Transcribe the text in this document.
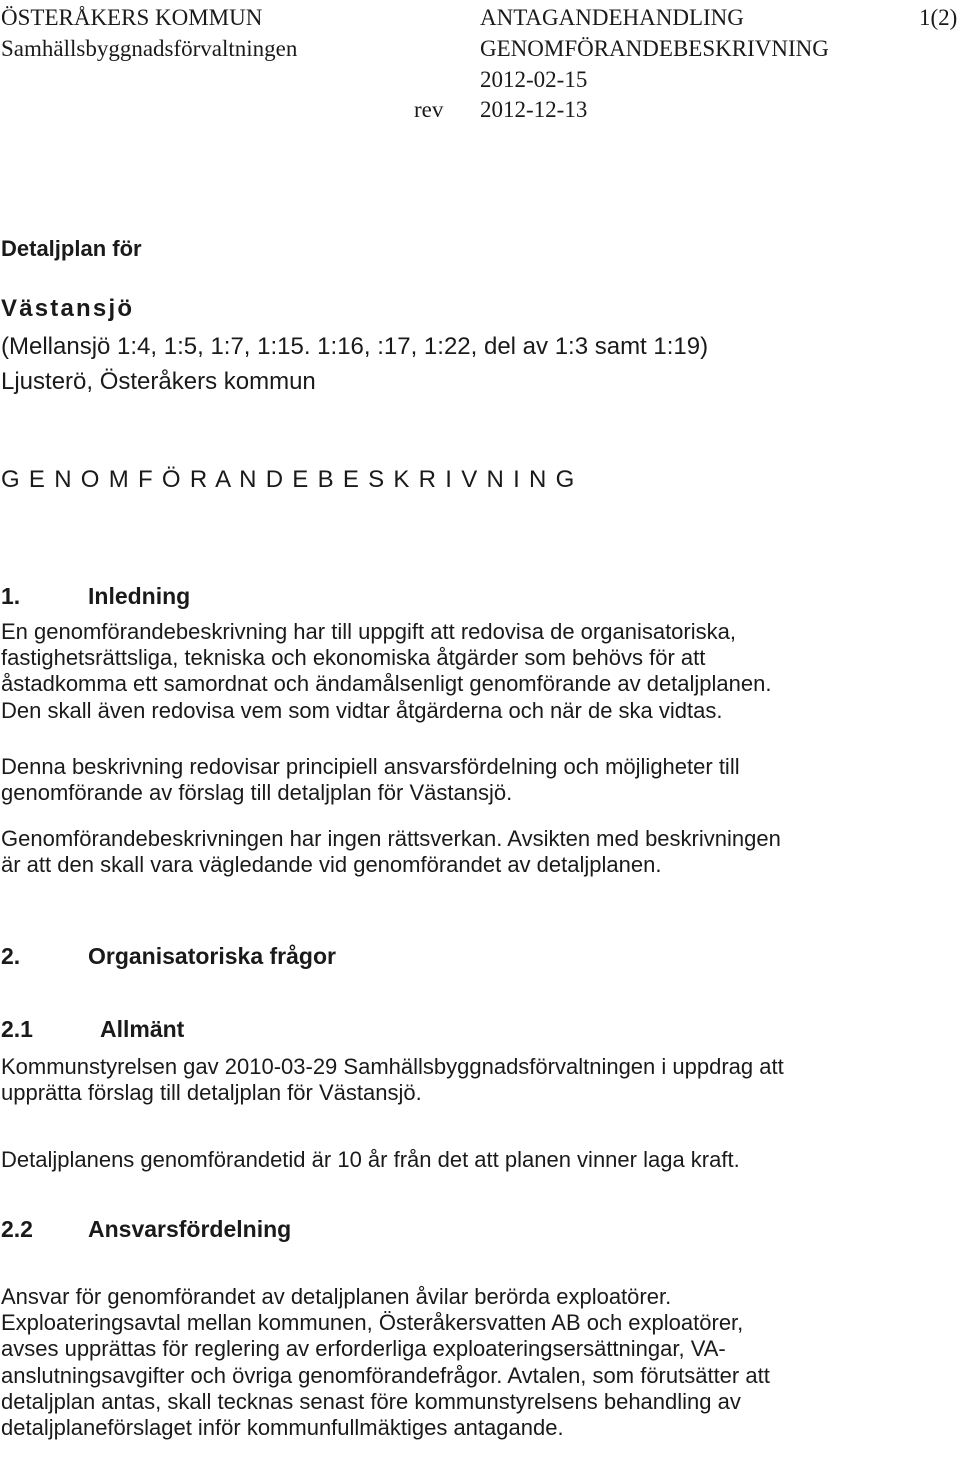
ÖSTERÅKERS KOMMUN
Samhällsbyggnadsförvaltningen
ANTAGANDEHANDLING
GENOMFÖRANDEBESKRIVNING
2012-02-15
rev 2012-12-13
1(2)
Detaljplan för
Västansjö
(Mellansjö 1:4, 1:5, 1:7, 1:15. 1:16, :17, 1:22, del av 1:3 samt 1:19)
Ljusterö, Österåkers kommun
G E N O M F Ö R A N D E B E S K R I V N I N G
1.	Inledning
En genomförandebeskrivning har till uppgift att redovisa de organisatoriska,
fastighetsrättsliga, tekniska och ekonomiska åtgärder som behövs för att
åstadkomma ett samordnat och ändamålsenligt genomförande av detaljplanen.
Den skall även redovisa vem som vidtar åtgärderna och när de ska vidtas.
Denna beskrivning redovisar principiell ansvarsfördelning och möjligheter till
genomförande av förslag till detaljplan för Västansjö.
Genomförandebeskrivningen har ingen rättsverkan. Avsikten med beskrivningen
är att den skall vara vägledande vid genomförandet av detaljplanen.
2.	Organisatoriska frågor
2.1	Allmänt
Kommunstyrelsen gav 2010-03-29 Samhällsbyggnadsförvaltningen i uppdrag att
upprätta förslag till detaljplan för Västansjö.
Detaljplanens genomförandetid är 10 år från det att planen vinner laga kraft.
2.2 Ansvarsfördelning
Ansvar för genomförandet av detaljplanen åvilar berörda exploatörer.
Exploateringsavtal mellan kommunen, Österåkersvatten AB och exploatörer,
avses upprättas för reglering av erforderliga exploateringsersättningar, VA-
anslutningsavgifter och övriga genomförandefrågor. Avtalen, som förutsätter att
detaljplan antas, skall tecknas senast före kommunstyrelsens behandling av
detaljplaneförslaget inför kommunfullmäktiges antagande.
